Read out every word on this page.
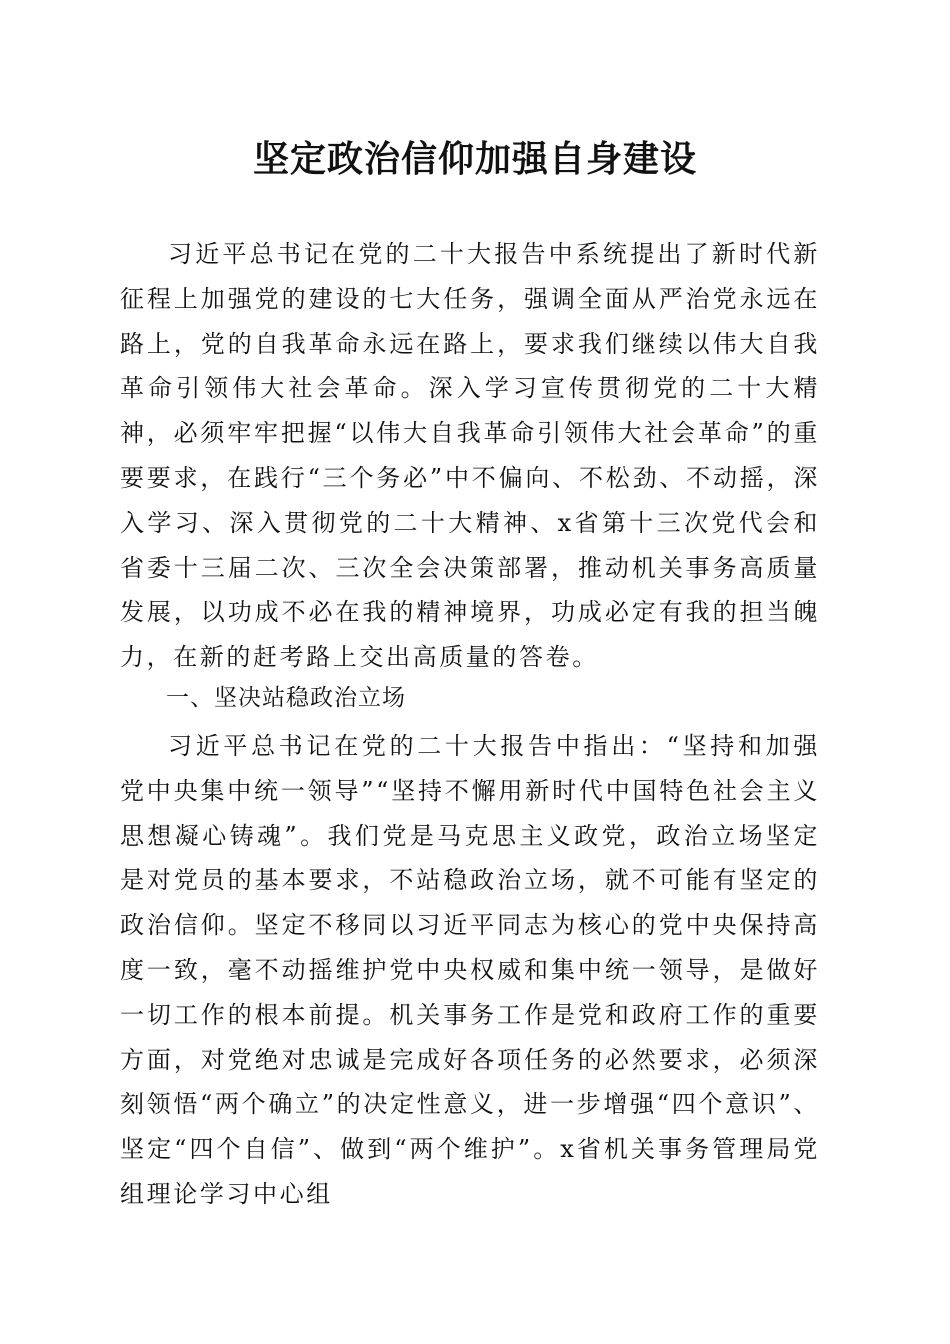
坚定政治信仰加强自身建设

习近平总书记在党的二十大报告中系统提出了新时代新征程上加强党的建设的七大任务，强调全面从严治党永远在路上，党的自我革命永远在路上，要求我们继续以伟大自我革命引领伟大社会革命。深入学习宣传贯彻党的二十大精神，必须牢牢把握“以伟大自我革命引领伟大社会革命”的重要要求，在践行“三个务必”中不偏向、不松劲、不动摇，深入学习、深入贯彻党的二十大精神、x省第十三次党代会和省委十三届二次、三次全会决策部署，推动机关事务高质量发展，以功成不必在我的精神境界，功成必定有我的担当魄力，在新的赶考路上交出高质量的答卷。

一、坚决站稳政治立场

习近平总书记在党的二十大报告中指出：“坚持和加强党中央集中统一领导”“坚持不懈用新时代中国特色社会主义思想凝心铸魂”。我们党是马克思主义政党，政治立场坚定是对党员的基本要求，不站稳政治立场，就不可能有坚定的政治信仰。坚定不移同以习近平同志为核心的党中央保持高度一致，毫不动摇维护党中央权威和集中统一领导，是做好一切工作的根本前提。机关事务工作是党和政府工作的重要方面，对党绝对忠诚是完成好各项任务的必然要求，必须深刻领悟“两个确立”的决定性意义，进一步增强“四个意识”、坚定“四个自信”、做到“两个维护”。x省机关事务管理局党组理论学习中心组
